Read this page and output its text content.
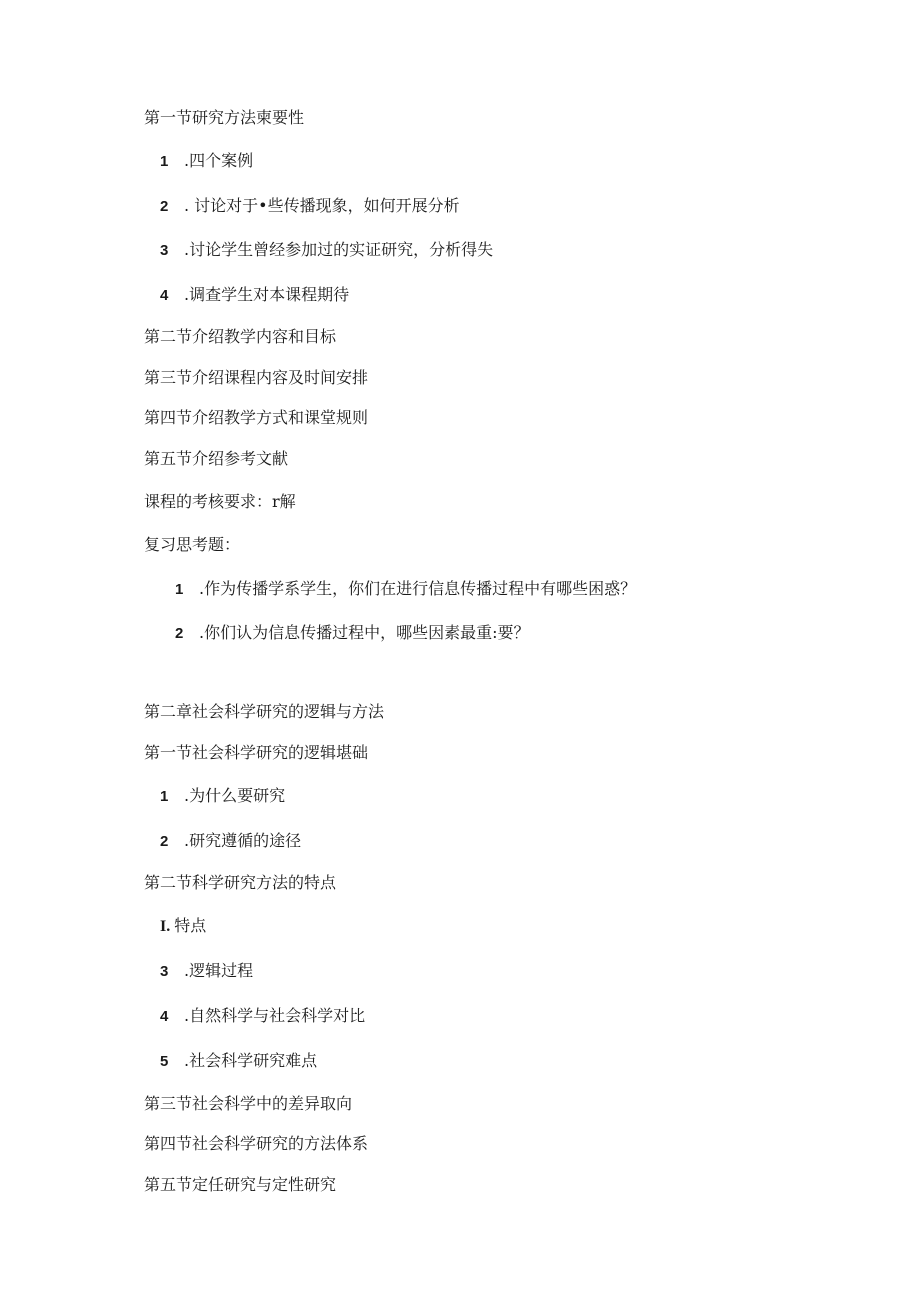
第一节研究方法柬要性
1 .四个案例
2 . 讨论对于•些传播现象，如何开展分析
3 .讨论学生曾经参加过的实证研究，分析得失
4 .调查学生对本课程期待
第二节介绍教学内容和目标
第三节介绍课程内容及时间安排
第四节介绍教学方式和课堂规则
第五节介绍参考文献
课程的考核要求：r解
复习思考题：
1 .作为传播学系学生，你们在进行信息传播过程中有哪些困惑？
2 .你们认为信息传播过程中，哪些因素最重:要？
第二章社会科学研究的逻辑与方法
第一节社会科学研究的逻辑堪础
1 .为什么要研究
2 .研究遵循的途径
第二节科学研究方法的特点
I. 特点
3 .逻辑过程
4 .自然科学与社会科学对比
5 .社会科学研究难点
第三节社会科学中的差异取向
第四节社会科学研究的方法体系
第五节定任研究与定性研究
